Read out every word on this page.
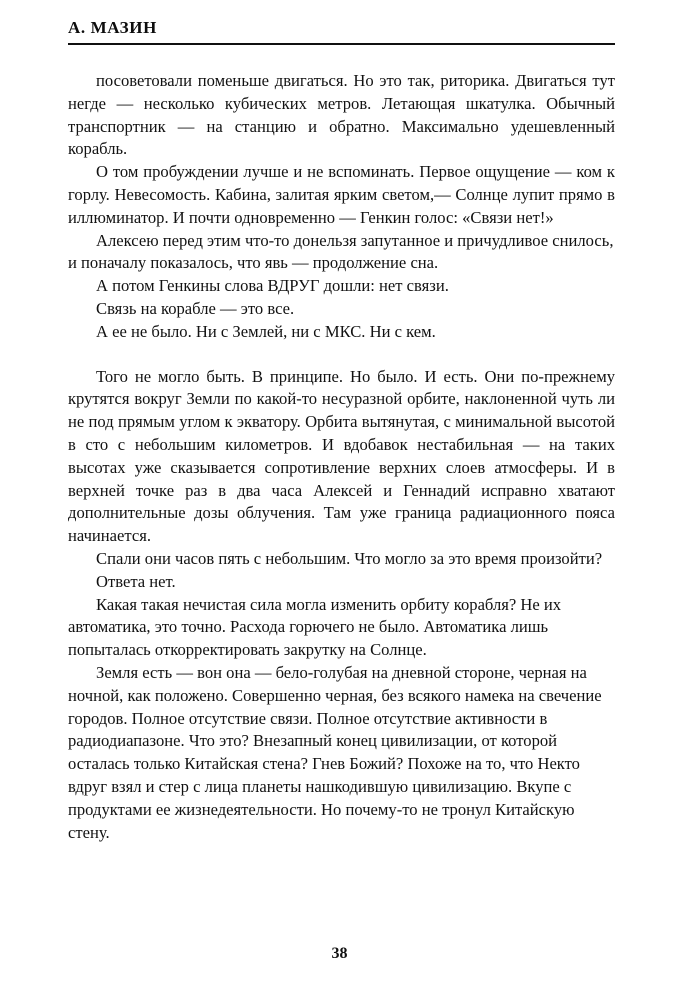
А. МАЗИН

посоветовали поменьше двигаться. Но это так, риторика. Двигаться тут негде — несколько кубических метров. Летающая шкатулка. Обычный транспортник — на станцию и обратно. Максимально удешевленный корабль.

О том пробуждении лучше и не вспоминать. Первое ощущение — ком к горлу. Невесомость. Кабина, залитая ярким светом,— Солнце лупит прямо в иллюминатор. И почти одновременно — Генкин голос: «Связи нет!»

Алексею перед этим что-то донельзя запутанное и причудливое снилось, и поначалу показалось, что явь — продолжение сна.

А потом Генкины слова ВДРУГ дошли: нет связи.

Связь на корабле — это все.

А ее не было. Ни с Землей, ни с МКС. Ни с кем.

Того не могло быть. В принципе. Но было. И есть. Они по-прежнему крутятся вокруг Земли по какой-то несуразной орбите, наклоненной чуть ли не под прямым углом к экватору. Орбита вытянутая, с минимальной высотой в сто с небольшим километров. И вдобавок нестабильная — на таких высотах уже сказывается сопротивление верхних слоев атмосферы. И в верхней точке раз в два часа Алексей и Геннадий исправно хватают дополнительные дозы облучения. Там уже граница радиационного пояса начинается.

Спали они часов пять с небольшим. Что могло за это время произойти?

Ответа нет.

Какая такая нечистая сила могла изменить орбиту корабля? Не их автоматика, это точно. Расхода горючего не было. Автоматика лишь попыталась откорректировать закрутку на Солнце.

Земля есть — вон она — бело-голубая на дневной стороне, черная на ночной, как положено. Совершенно черная, без всякого намека на свечение городов. Полное отсутствие связи. Полное отсутствие активности в радиодиапазоне. Что это? Внезапный конец цивилизации, от которой осталась только Китайская стена? Гнев Божий? Похоже на то, что Некто вдруг взял и стер с лица планеты нашкодившую цивилизацию. Вкупе с продуктами ее жизнедеятельности. Но почему-то не тронул Китайскую стену.

38
